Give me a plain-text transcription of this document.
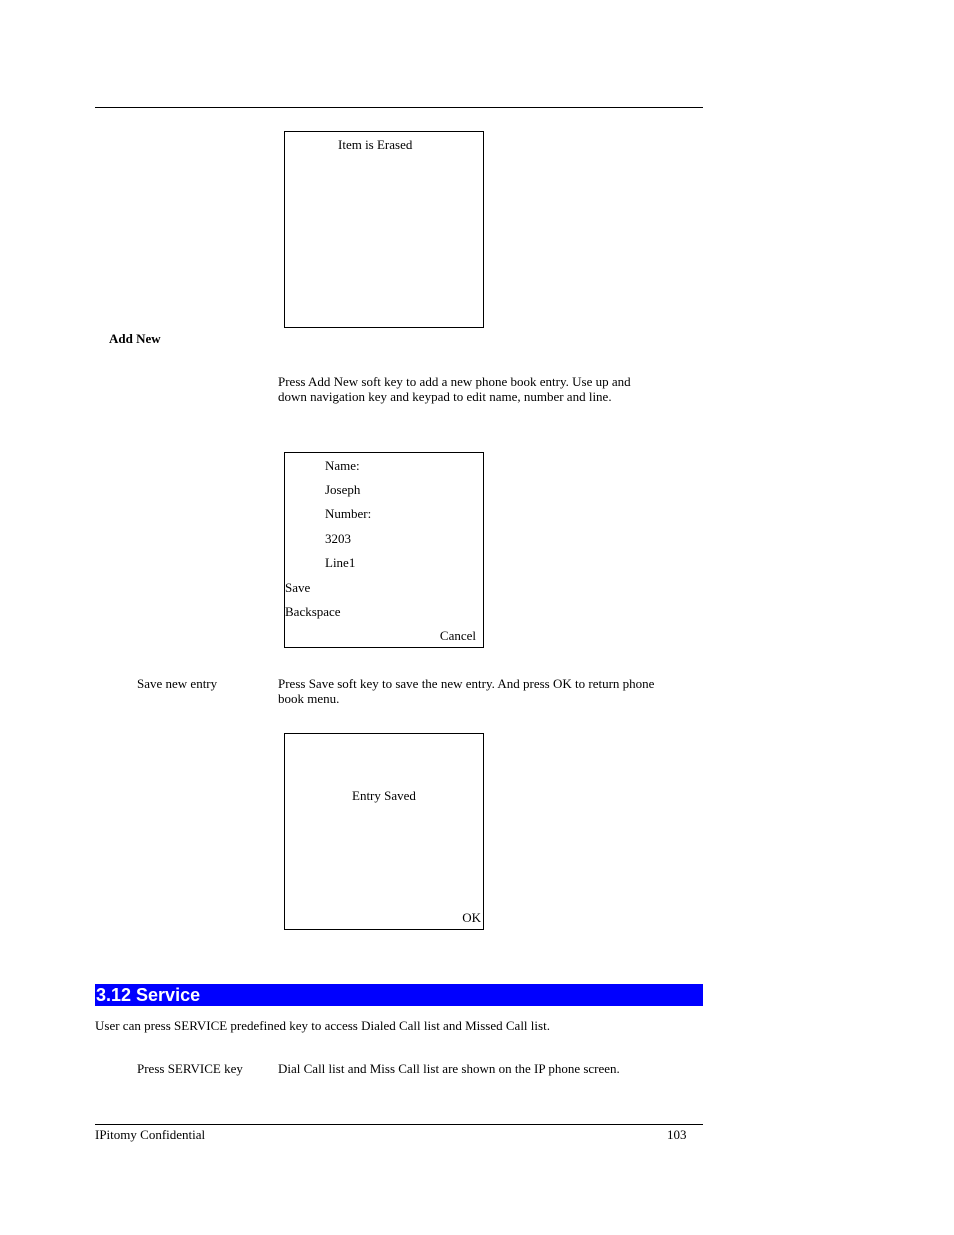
Item is Erased
Add New
Press Add New soft key to add a new phone book entry. Use up and down navigation key and keypad to edit name, number and line.
Name:
Joseph
Number:
3203
Line1
Save
Backspace
Cancel
Save new entry	Press Save soft key to save the new entry. And press OK to return phone book menu.
Entry Saved
OK
3.12 Service
User can press SERVICE predefined key to access Dialed Call list and Missed Call list.
Press SERVICE key	Dial Call list and Miss Call list are shown on the IP phone screen.
IPitomy Confidential	103
